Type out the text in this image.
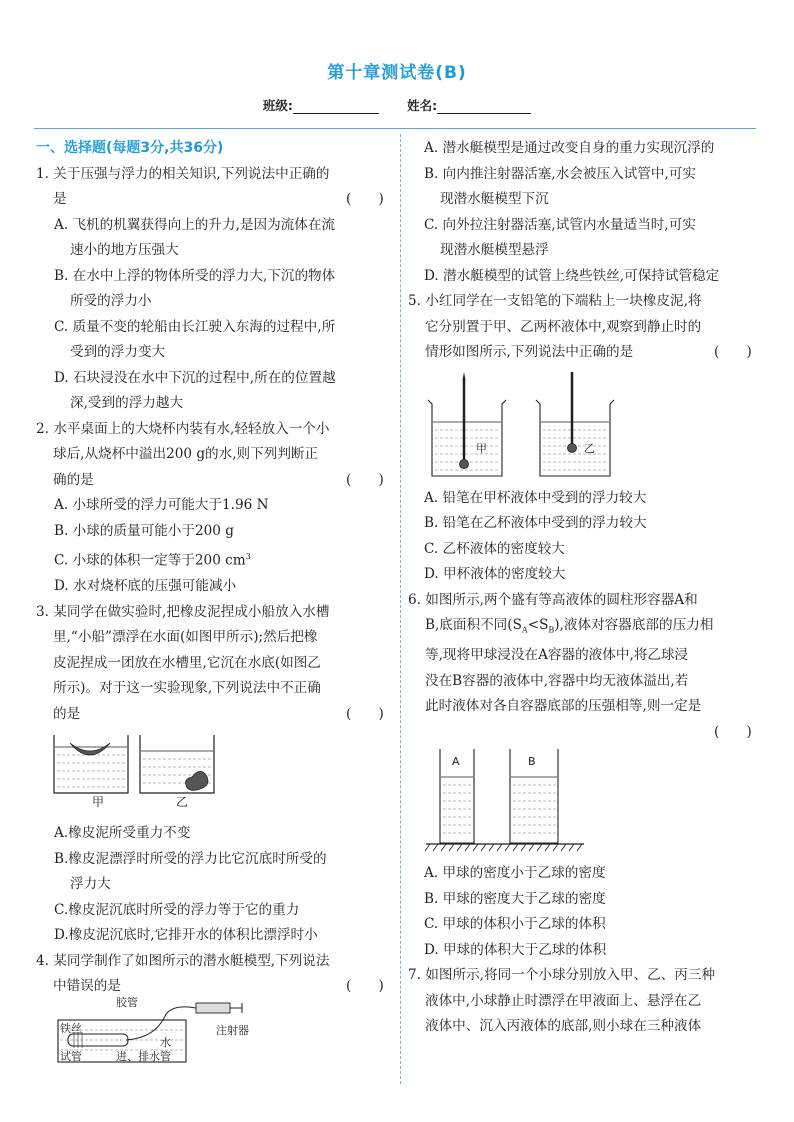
第十章测试卷(B)
班级:	姓名:
一、选择题(每题3分,共36分)
1. 关于压强与浮力的相关知识,下列说法中正确的
是	(　　)
A. 飞机的机翼获得向上的升力,是因为流体在流
速小的地方压强大
B. 在水中上浮的物体所受的浮力大,下沉的物体
所受的浮力小
C. 质量不变的轮船由长江驶入东海的过程中,所
受到的浮力变大
D. 石块浸没在水中下沉的过程中,所在的位置越
深,受到的浮力越大
2. 水平桌面上的大烧杯内装有水,轻轻放入一个小
球后,从烧杯中溢出200 g的水,则下列判断正
确的是	(　　)
A. 小球所受的浮力可能大于1.96 N
B. 小球的质量可能小于200 g
C. 小球的体积一定等于200 $cm^3$
D. 水对烧杯底的压强可能减小
3. 某同学在做实验时,把橡皮泥捏成小船放入水槽
里,“小船”漂浮在水面(如图甲所示);然后把橡
皮泥捏成一团放在水槽里,它沉在水底(如图乙
所示)。对于这一实验现象,下列说法中不正确
的是	(　　)
甲	乙
A.橡皮泥所受重力不变
B.橡皮泥漂浮时所受的浮力比它沉底时所受的
浮力大
C.橡皮泥沉底时所受的浮力等于它的重力
D.橡皮泥沉底时,它排开水的体积比漂浮时小
4. 某同学制作了如图所示的潜水艇模型,下列说法
中错误的是	(　　)
胶管
铁丝	注射器
水
试管	进、排水管
A. 潜水艇模型是通过改变自身的重力实现沉浮的
B. 向内推注射器活塞,水会被压入试管中,可实
现潜水艇模型下沉
C. 向外拉注射器活塞,试管内水量适当时,可实
现潜水艇模型悬浮
D. 潜水艇模型的试管上绕些铁丝,可保持试管稳定
5. 小红同学在一支铅笔的下端粘上一块橡皮泥,将
它分别置于甲、乙两杯液体中,观察到静止时的
情形如图所示,下列说法中正确的是	(　　)
甲	乙
A. 铅笔在甲杯液体中受到的浮力较大
B. 铅笔在乙杯液体中受到的浮力较大
C. 乙杯液体的密度较大
D. 甲杯液体的密度较大
6. 如图所示,两个盛有等高液体的圆柱形容器A和
B,底面积不同$(S_A<S_B)$,液体对容器底部的压力相
等,现将甲球浸没在A容器的液体中,将乙球浸
没在B容器的液体中,容器中均无液体溢出,若
此时液体对各自容器底部的压强相等,则一定是
(　　)
A	B
A. 甲球的密度小于乙球的密度
B. 甲球的密度大于乙球的密度
C. 甲球的体积小于乙球的体积
D. 甲球的体积大于乙球的体积
7. 如图所示,将同一个小球分别放入甲、乙、丙三种
液体中,小球静止时漂浮在甲液面上、悬浮在乙
液体中、沉入丙液体的底部,则小球在三种液体
